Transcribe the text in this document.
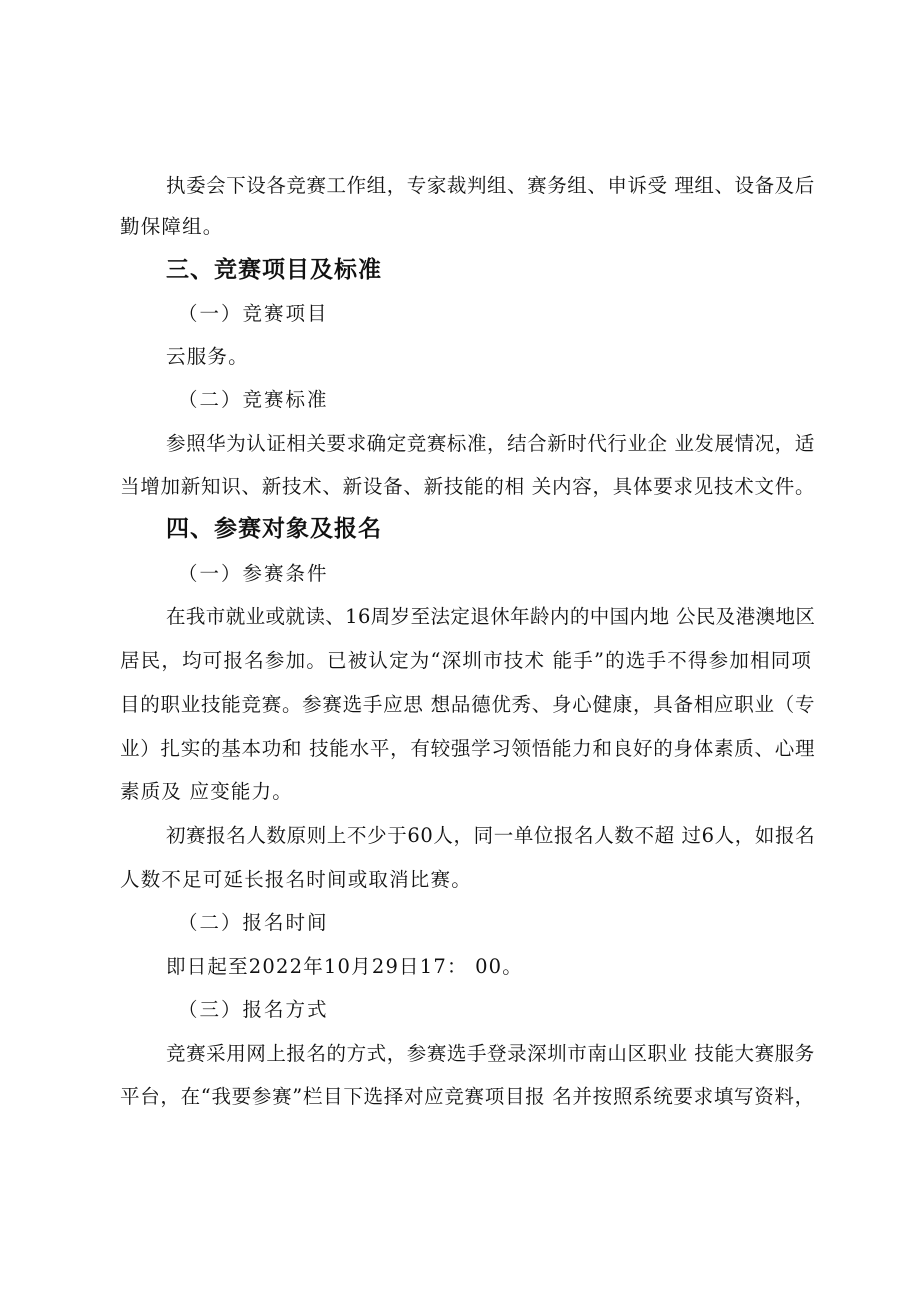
执委会下设各竞赛工作组，专家裁判组、赛务组、申诉受 理组、设备及后
勤保障组。
三、竞赛项目及标准
（一）竞赛项目
云服务。
（二）竞赛标准
参照华为认证相关要求确定竞赛标准，结合新时代行业企 业发展情况，适
当增加新知识、新技术、新设备、新技能的相 关内容，具体要求见技术文件。
四、参赛对象及报名
（一）参赛条件
在我市就业或就读、16周岁至法定退休年龄内的中国内地 公民及港澳地区
居民，均可报名参加。已被认定为“深圳市技术 能手”的选手不得参加相同项
目的职业技能竞赛。参赛选手应思 想品德优秀、身心健康，具备相应职业（专
业）扎实的基本功和 技能水平，有较强学习领悟能力和良好的身体素质、心理
素质及 应变能力。
初赛报名人数原则上不少于60人，同一单位报名人数不超 过6人，如报名
人数不足可延长报名时间或取消比赛。
（二）报名时间
即日起至2022年10月29日17： 00。
（三）报名方式
竞赛采用网上报名的方式，参赛选手登录深圳市南山区职业 技能大赛服务
平台，在“我要参赛”栏目下选择对应竞赛项目报 名并按照系统要求填写资料，
